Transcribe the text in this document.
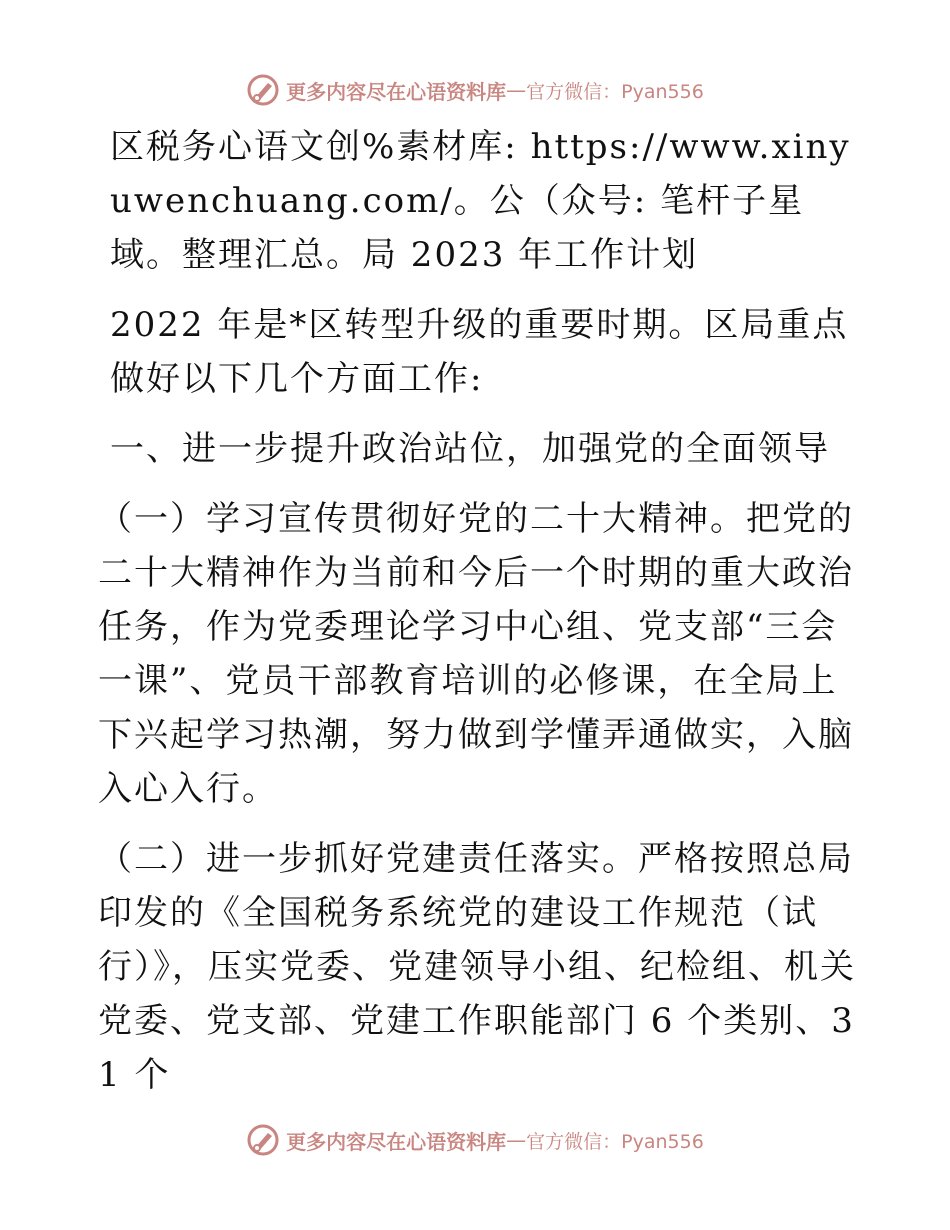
更多内容尽在心语资料库 — 官方微信：Pyan556

区税务心语文创%素材库: https://www.xinyuwenchuang.com/。公（众号: 笔杆子星域。整理汇总。局 2023 年工作计划

2022 年是*区转型升级的重要时期。区局重点做好以下几个方面工作:

一、进一步提升政治站位，加强党的全面领导

（一）学习宣传贯彻好党的二十大精神。把党的二十大精神作为当前和今后一个时期的重大政治任务，作为党委理论学习中心组、党支部“三会一课”、党员干部教育培训的必修课，在全局上下兴起学习热潮，努力做到学懂弄通做实，入脑入心入行。

（二）进一步抓好党建责任落实。严格按照总局印发的《全国税务系统党的建设工作规范（试行）》，压实党委、党建领导小组、纪检组、机关党委、党支部、党建工作职能部门 6 个类别、31 个

更多内容尽在心语资料库 — 官方微信：Pyan556
